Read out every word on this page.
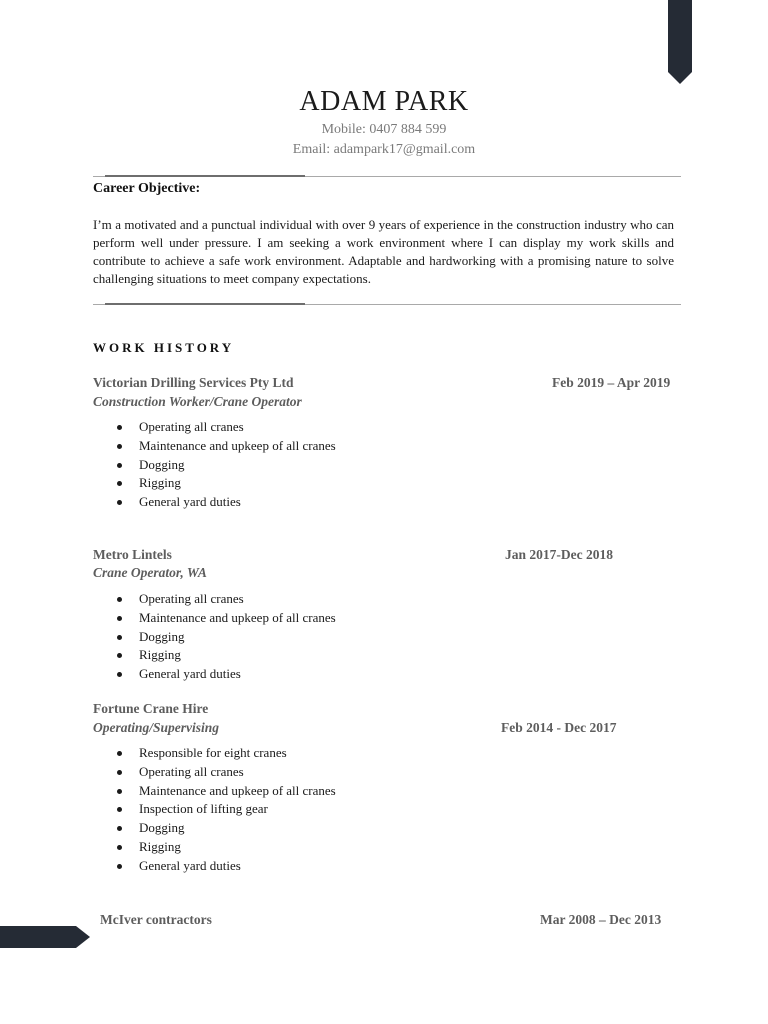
ADAM PARK
Mobile: 0407 884 599
Email: adampark17@gmail.com
Career Objective:
I’m a motivated and a punctual individual with over 9 years of experience in the construction industry who can perform well under pressure. I am seeking a work environment where I can display my work skills and contribute to achieve a safe work environment. Adaptable and hardworking with a promising nature to solve challenging situations to meet company expectations.
WORK HISTORY
Victorian Drilling Services Pty Ltd	Feb 2019 – Apr 2019
Construction Worker/Crane Operator
Operating all cranes
Maintenance and upkeep of all cranes
Dogging
Rigging
General yard duties
Metro Lintels	Jan 2017-Dec 2018
Crane Operator, WA
Operating all cranes
Maintenance and upkeep of all cranes
Dogging
Rigging
General yard duties
Fortune Crane Hire
Operating/Supervising	Feb 2014 - Dec 2017
Responsible for eight cranes
Operating all cranes
Maintenance and upkeep of all cranes
Inspection of lifting gear
Dogging
Rigging
General yard duties
McIver contractors	Mar 2008 – Dec 2013
